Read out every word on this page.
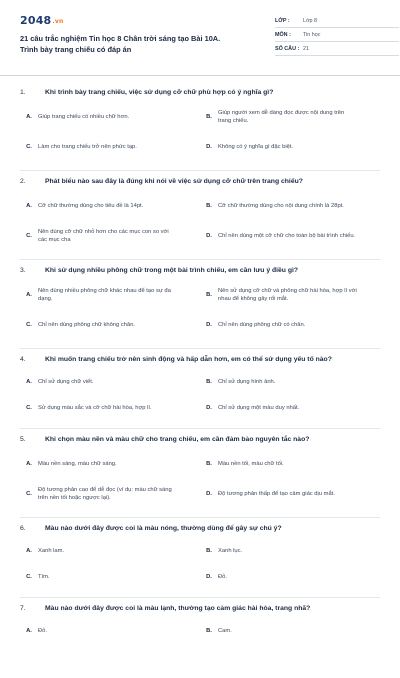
2048.vn
21 câu trắc nghiệm Tin học 8 Chân trời sáng tạo Bài 10A. Trình bày trang chiếu có đáp án
LỚP :	Lớp 8
MÔN :	Tin học
SỐ CÂU : 21
1.	Khi trình bày trang chiếu, việc sử dụng cỡ chữ phù hợp có ý nghĩa gì?
A.	Giúp trang chiếu có nhiều chữ hơn.	B.
Giúp người xem dễ dàng đọc được nội dung trên trang chiếu.
C.	Làm cho trang chiếu trở nên phức tạp.	D.	Không có ý nghĩa gì đặc biệt.
2.	Phát biểu nào sau đây là đúng khi nói về việc sử dụng cỡ chữ trên trang chiếu?
A.	Cỡ chữ thường dùng cho tiêu đề là 14pt.	B.	Cỡ chữ thường dùng cho nội dung chính là 28pt.
C.
Nên dùng cỡ chữ nhỏ hơn cho các mục con so với các mục cha
D.	Chỉ nên dùng một cỡ chữ cho toàn bộ bài trình chiếu.
3.	Khi sử dụng nhiều phông chữ trong một bài trình chiếu, em cần lưu ý điều gì?
A.
Nên dùng nhiều phông chữ khác nhau để tạo sự đa dạng.
B.
Nên sử dụng cỡ chữ và phông chữ hài hòa, hợp lí với nhau để không gây rối mắt.
C.	Chỉ nên dùng phông chữ không chân.	D.	Chỉ nên dùng phông chữ có chân.
4.	Khi muốn trang chiếu trở nên sinh động và hấp dẫn hơn, em có thể sử dụng yếu tố nào?
A.	Chỉ sử dụng chữ viết.	B.	Chỉ sử dụng hình ảnh.
C.	Sử dụng màu sắc và cỡ chữ hài hòa, hợp lí.	D.	Chỉ sử dụng một màu duy nhất.
5.	Khi chọn màu nền và màu chữ cho trang chiếu, em cần đảm bảo nguyên tắc nào?
A.	Màu nền sáng, màu chữ sáng.	B.	Màu nền tối, màu chữ tối.
C.
Độ tương phản cao để dễ đọc (ví dụ: màu chữ sáng trên nền tối hoặc ngược lại).
D.	Độ tương phản thấp để tạo cảm giác dịu mắt.
6.	Màu nào dưới đây được coi là màu nóng, thường dùng để gây sự chú ý?
A.	Xanh lam.	B.	Xanh lục.
C.	Tím.	D.	Đỏ.
7.	Màu nào dưới đây được coi là màu lạnh, thường tạo cảm giác hài hòa, trang nhã?
A.	Đỏ.	B.	Cam.
